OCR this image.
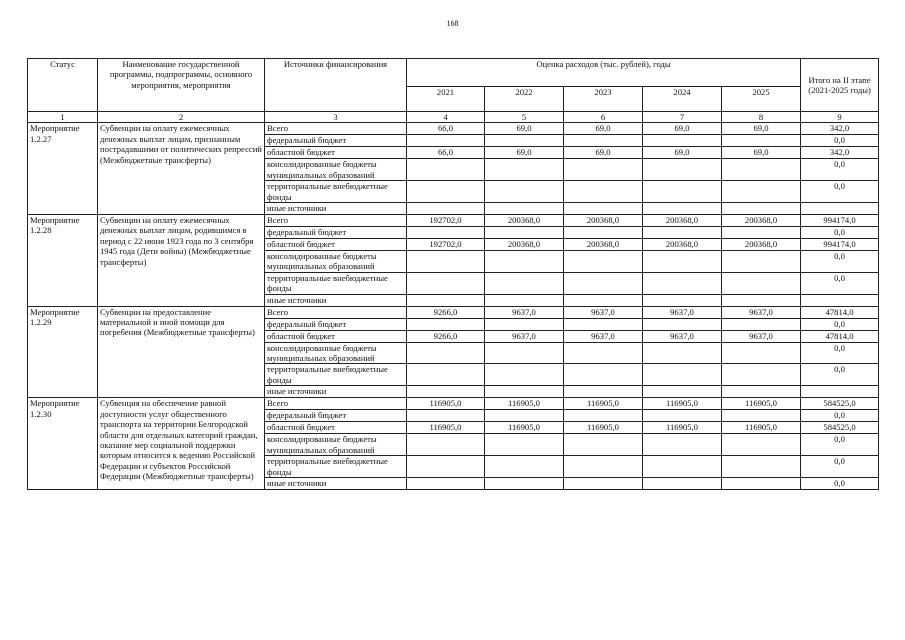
168
Статус	Наименование государственной программы, подпрограммы, основного мероприятия, мероприятия	Источники финансирования	Оценка расходов (тыс. рублей), годы					Итого на II этапе (2021-2025 годы)
			2021	2022	2023	2024	2025	
1	2	3	4	5	6	7	8	9
Мероприятие 1.2.27	Субвенции на оплату ежемесячных денежных выплат лицам, признанным пострадавшими от политических репрессий (Межбюджетные трансферты)	Всего	66,0	69,0	69,0	69,0	69,0	342,0
		федеральный бюджет						0,0
		областной бюджет	66,0	69,0	69,0	69,0	69,0	342,0
		консолидированные бюджеты муниципальных образований						0,0
		территориальные внебюджетные фонды						0,0
		иные источники						
Мероприятие 1.2.28	Субвенции на оплату ежемесячных денежных выплат лицам, родившимся в период с 22 июня 1923 года по 3 сентября 1945 года (Дети войны) (Межбюджетные трансферты)	Всего	192702,0	200368,0	200368,0	200368,0	200368,0	994174,0
		федеральный бюджет						0,0
		областной бюджет	192702,0	200368,0	200368,0	200368,0	200368,0	994174,0
		консолидированные бюджеты муниципальных образований						0,0
		территориальные внебюджетные фонды						0,0
		иные источники						
Мероприятие 1.2.29	Субвенции на предоставление материальной и иной помощи для погребения (Межбюджетные трансферты)	Всего	9266,0	9637,0	9637,0	9637,0	9637,0	47814,0
		федеральный бюджет						0,0
		областной бюджет	9266,0	9637,0	9637,0	9637,0	9637,0	47814,0
		консолидированные бюджеты муниципальных образований						0,0
		территориальные внебюджетные фонды						0,0
		иные источники						
Мероприятие 1.2.30	Субвенция на обеспечение равной доступности услуг общественного транспорта на территории Белгородской области для отдельных категорий граждан, оказание мер социальной поддержки которым относится к ведению Российской Федерации и субъектов Российской Федерации (Межбюджетные трансферты)	Всего	116905,0	116905,0	116905,0	116905,0	116905,0	584525,0
		федеральный бюджет						0,0
		областной бюджет	116905,0	116905,0	116905,0	116905,0	116905,0	584525,0
		консолидированные бюджеты муниципальных образований						0,0
		территориальные внебюджетные фонды						0,0
		иные источники						0,0
